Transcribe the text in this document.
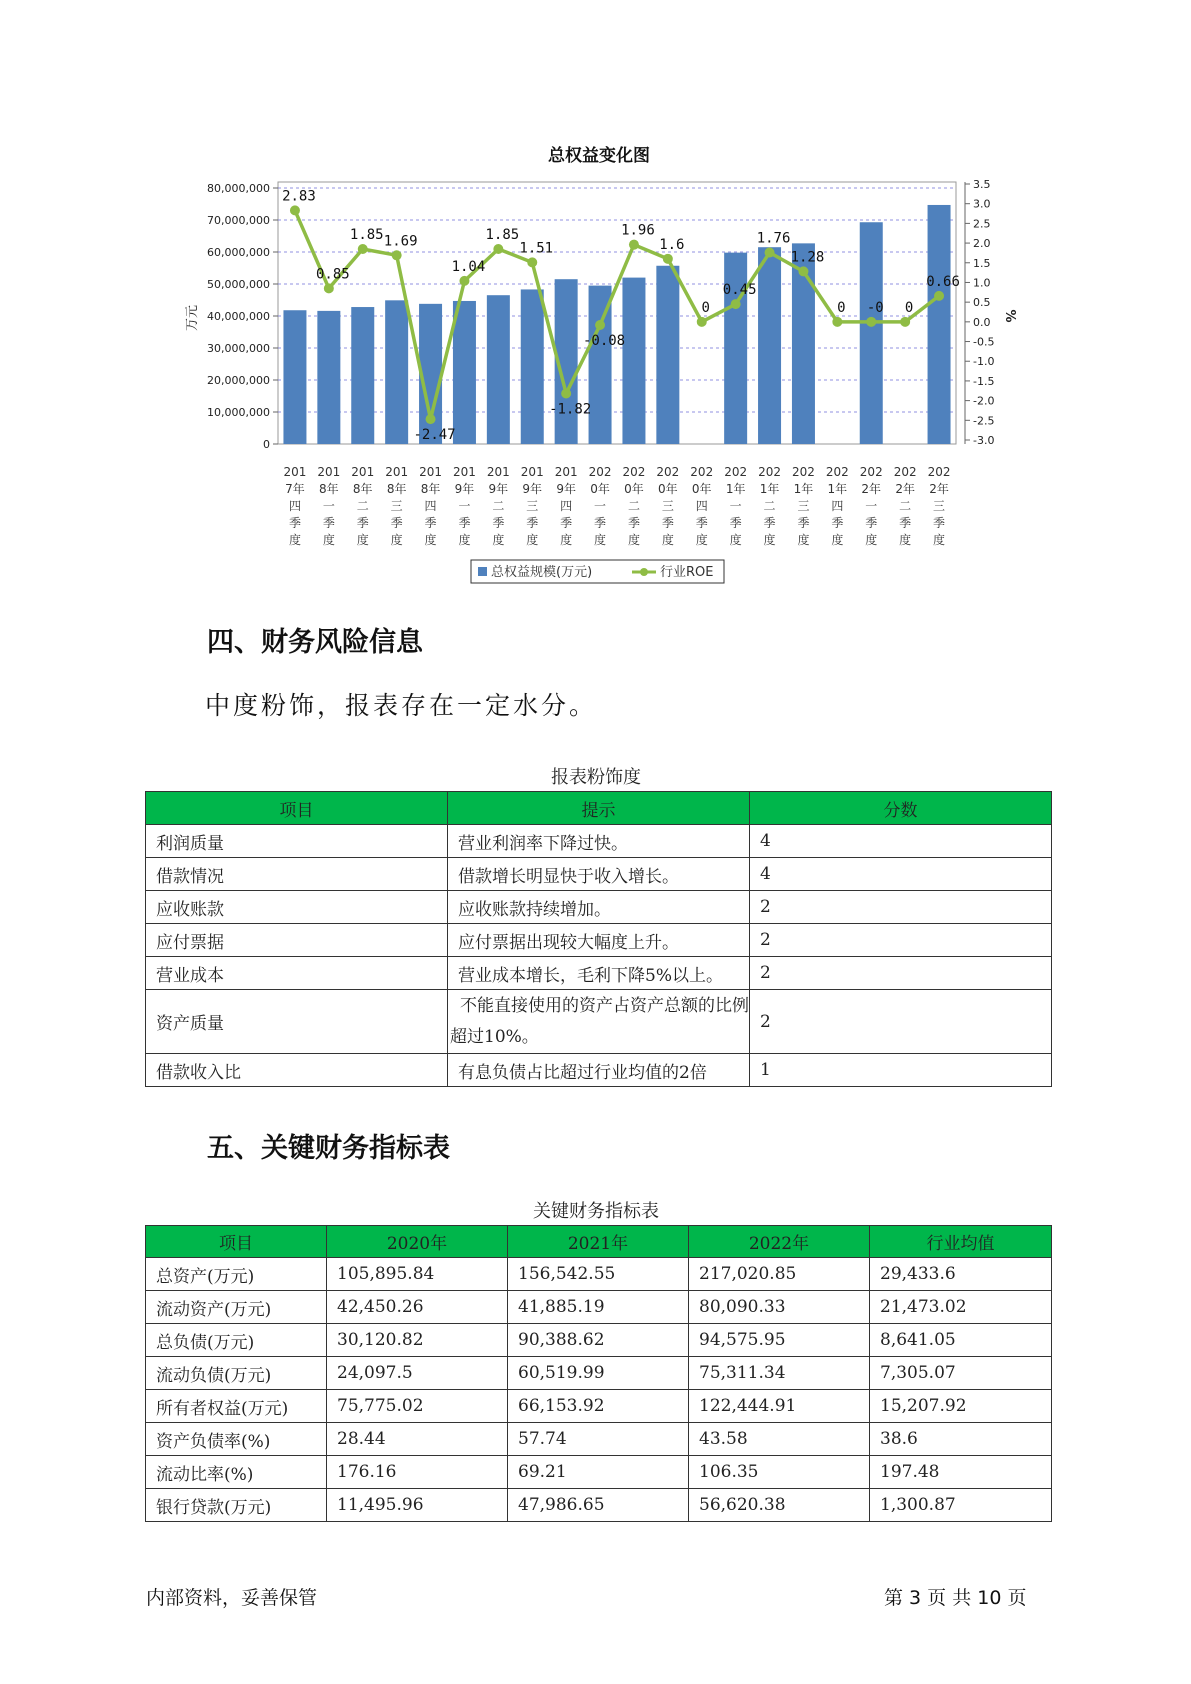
总权益变化图
0
10,000,000
20,000,000
30,000,000
40,000,000
50,000,000
60,000,000
70,000,000
80,000,000	3.5
3.0
2.5
2.0
1.5
1.0
0.5
0.0
-0.5
-1.0
-1.5
-2.0
-2.5
-3.0
万元	%
2.83
0.85
1.85 1.69
-2.47
1.04
1.85
1.51
-1.82
-0.08
1.96
1.6
0
0.45
1.76
1.28
0 -0 0
0.66
201
7年
四
季
度
201
8年
一
季
度
201
8年
二
季
度
201
8年
三
季
度
201
8年
四
季
度
201
9年
一
季
度
201
9年
二
季
度
201
9年
三
季
度
201
9年
四
季
度
202
0年
一
季
度
202
0年
二
季
度
202
0年
三
季
度
202
0年
四
季
度
202
1年
一
季
度
202
1年
二
季
度
202
1年
三
季
度
202
1年
四
季
度
202
2年
一
季
度
202
2年
二
季
度
202
2年
三
季
度
总权益规模(万元)	行业ROE
四、财务风险信息
中度粉饰，报表存在一定水分。
报表粉饰度
项目	提示	分数
利润质量	营业利润率下降过快。	4
借款情况	借款增长明显快于收入增长。	4
应收账款	应收账款持续增加。	2
应付票据	应付票据出现较大幅度上升。	2
营业成本	营业成本增长，毛利下降5%以上。	2
资产质量	不能直接使用的资产占资产总额的比例超过10%。	2
借款收入比	有息负债占比超过行业均值的2倍	1
五、关键财务指标表
关键财务指标表
项目	2020年	2021年	2022年	行业均值
总资产(万元)	105,895.84	156,542.55	217,020.85	29,433.6
流动资产(万元)	42,450.26	41,885.19	80,090.33	21,473.02
总负债(万元)	30,120.82	90,388.62	94,575.95	8,641.05
流动负债(万元)	24,097.5	60,519.99	75,311.34	7,305.07
所有者权益(万元)	75,775.02	66,153.92	122,444.91	15,207.92
资产负债率(%)	28.44	57.74	43.58	38.6
流动比率(%)	176.16	69.21	106.35	197.48
银行贷款(万元)	11,495.96	47,986.65	56,620.38	1,300.87
内部资料，妥善保管	第 3 页 共 10 页
